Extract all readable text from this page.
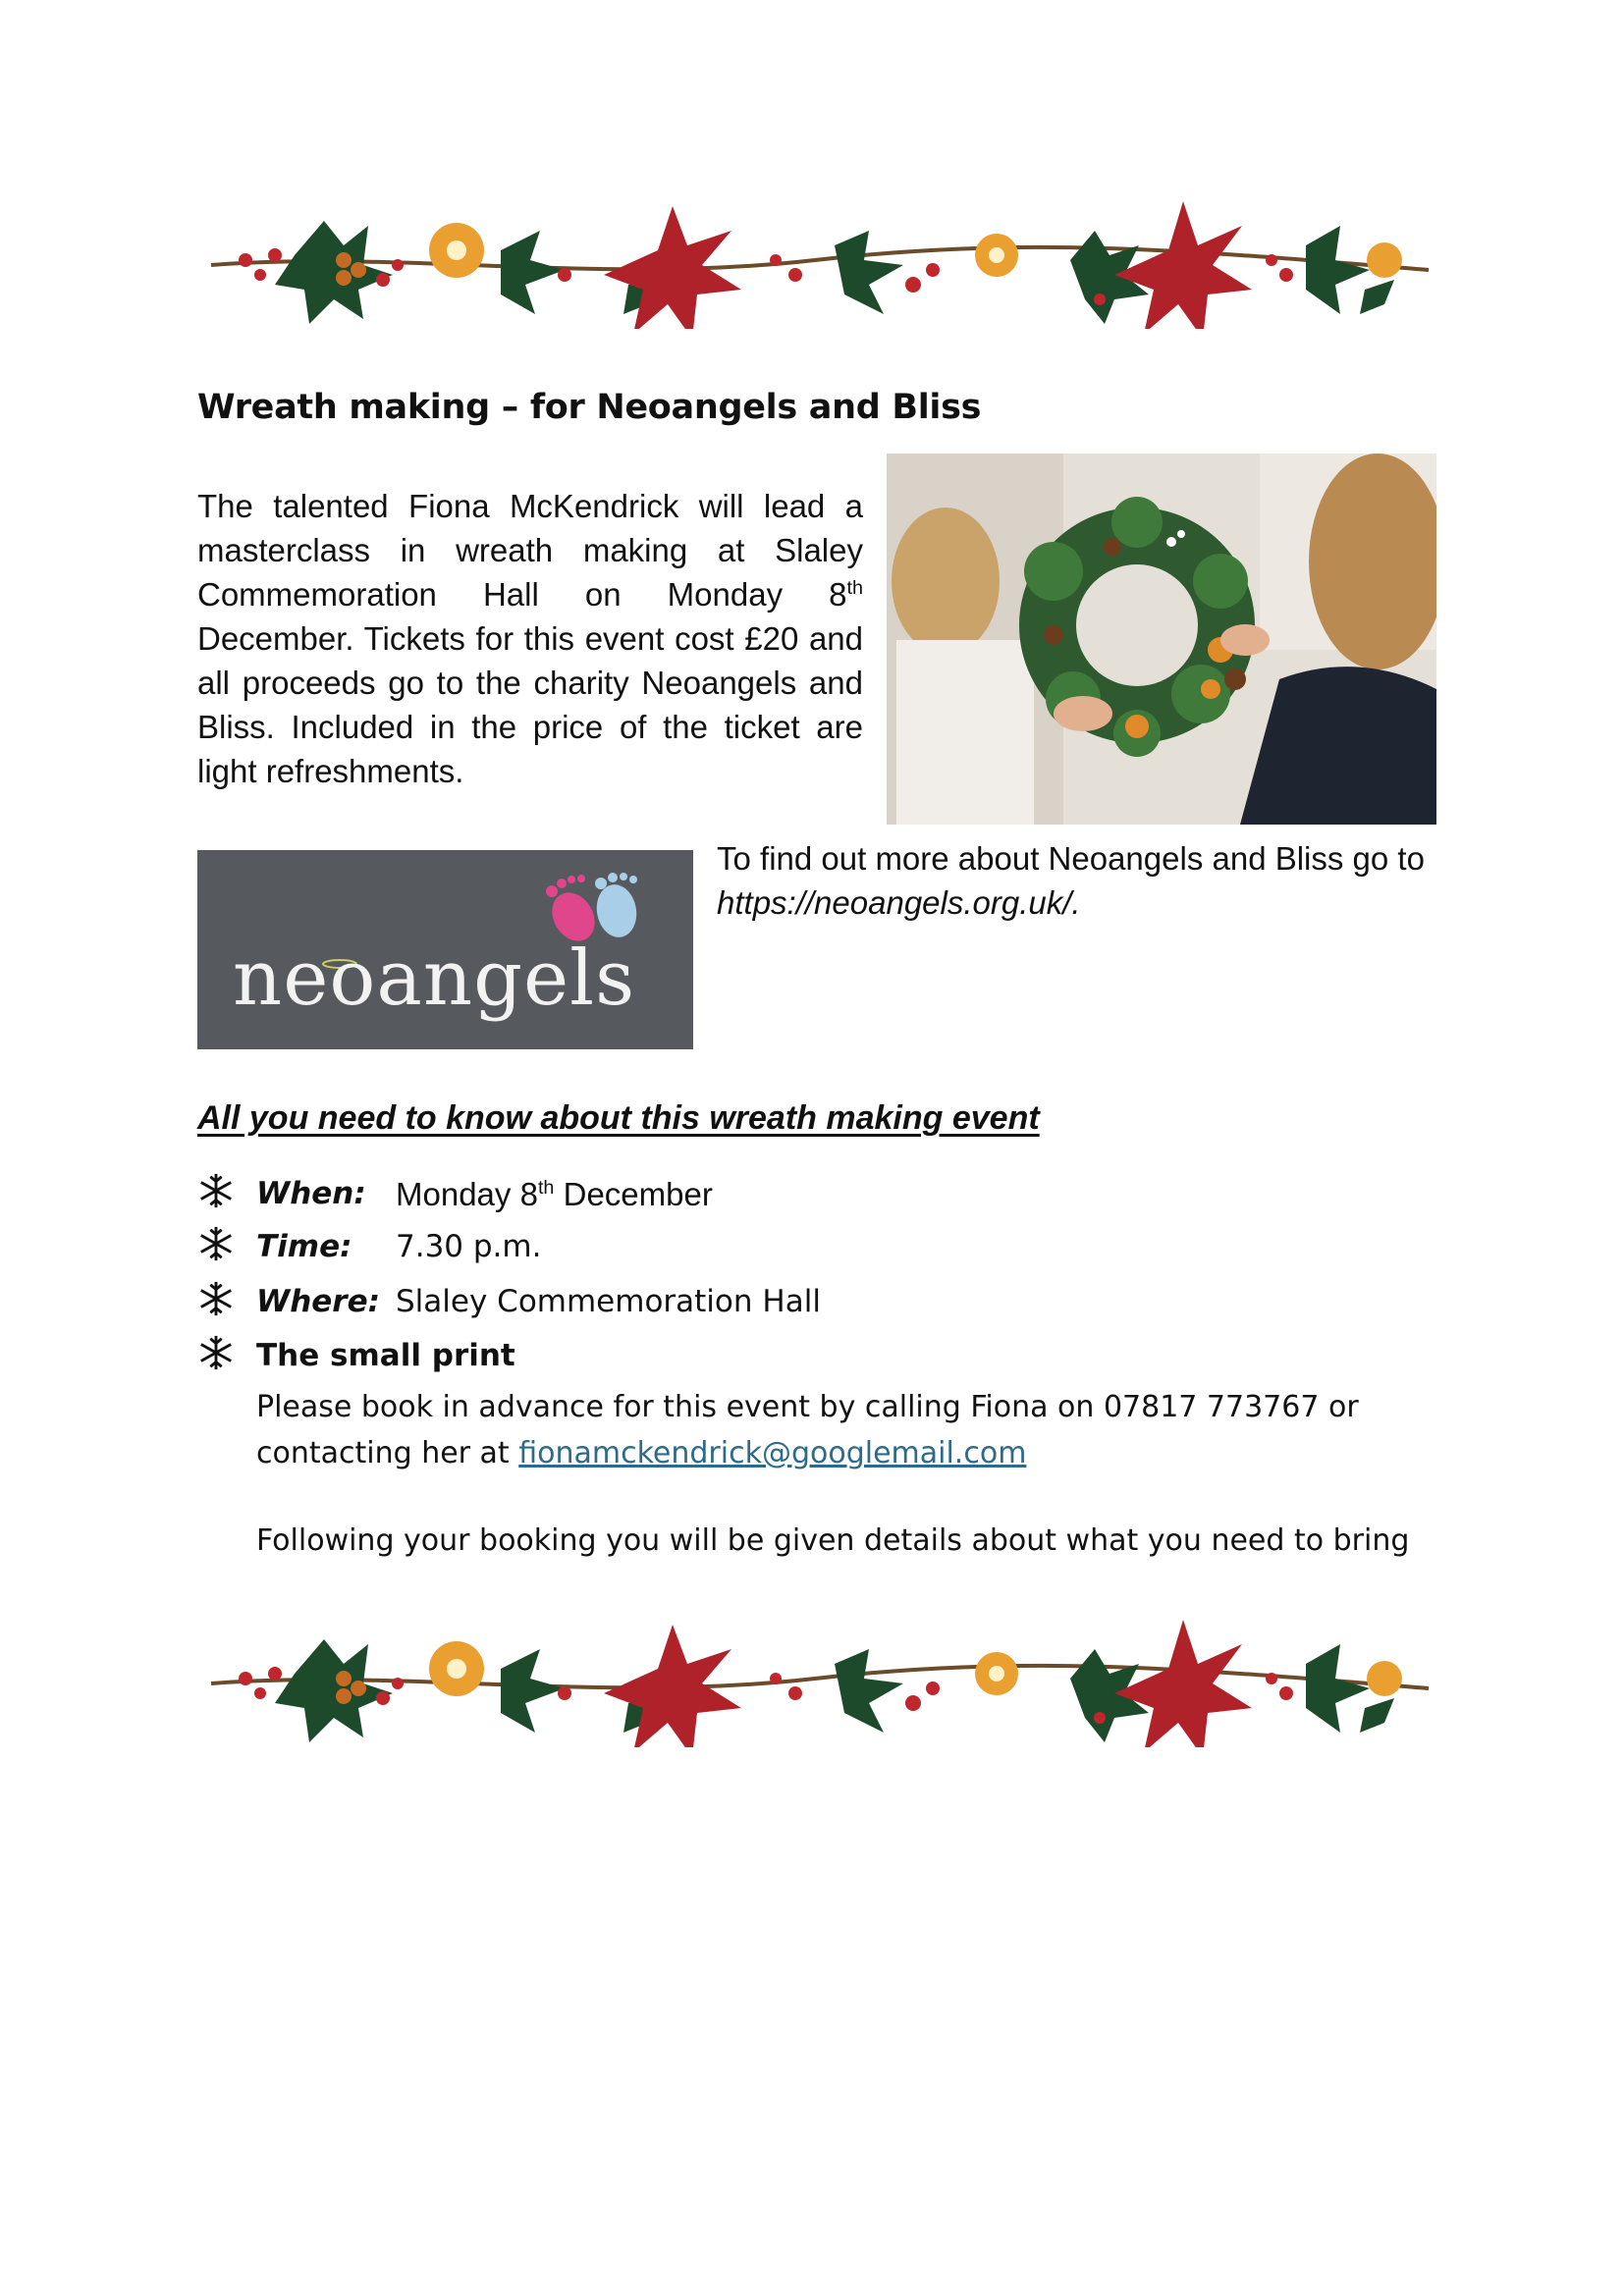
Wreath making – for Neoangels and Bliss
The talented Fiona McKendrick will lead a masterclass in wreath making at Slaley Commemoration Hall on Monday 8th December. Tickets for this event cost £20 and all proceeds go to the charity Neoangels and Bliss. Included in the price of the ticket are light refreshments.
To find out more about Neoangels and Bliss go to
https://neoangels.org.uk/.
neoangels
All you need to know about this wreath making event
When: Monday 8th December
Time: 7.30 p.m.
Where: Slaley Commemoration Hall
The small print
Please book in advance for this event by calling Fiona on 07817 773767 or contacting her at fionamckendrick@googlemail.com
Following your booking you will be given details about what you need to bring
